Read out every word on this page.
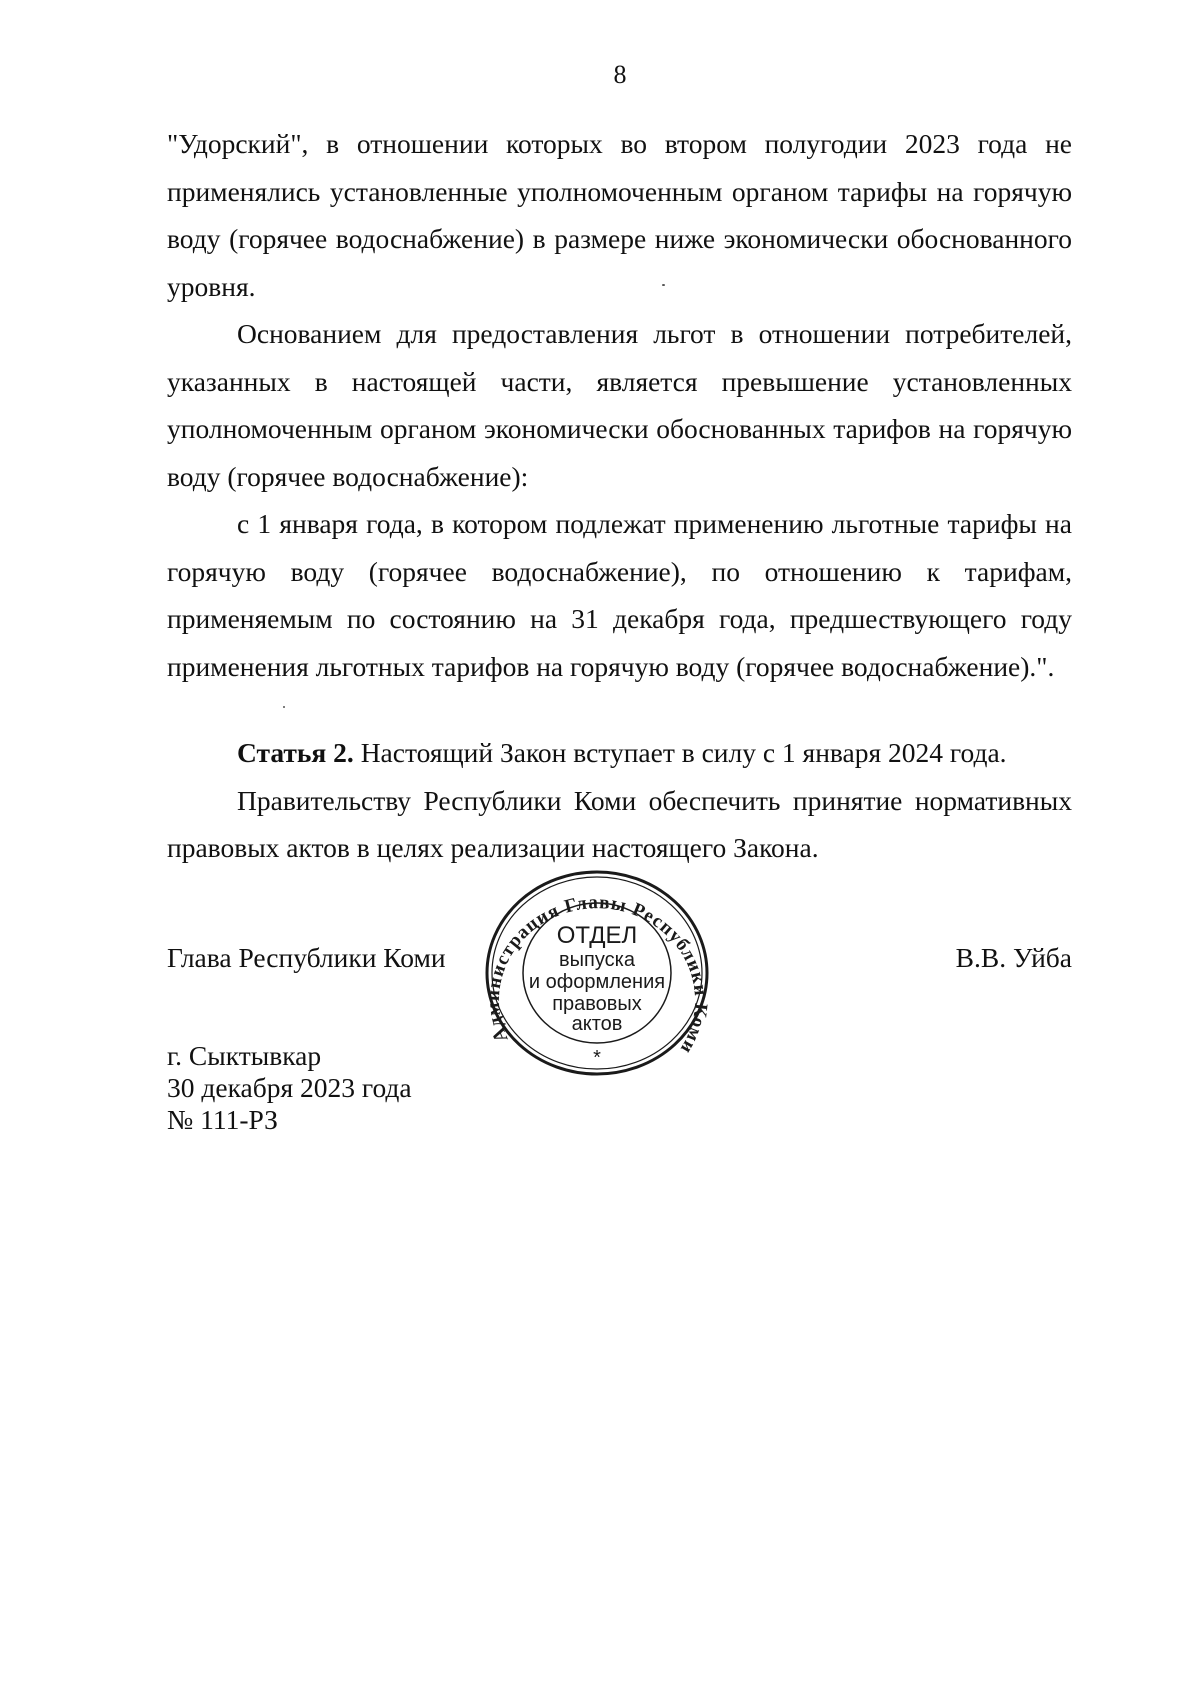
8

"Удорский", в отношении которых во втором полугодии 2023 года не применялись установленные уполномоченным органом тарифы на горячую воду (горячее водоснабжение) в размере ниже экономически обоснованного уровня.

Основанием для предоставления льгот в отношении потребителей, указанных в настоящей части, является превышение установленных уполномоченным органом экономически обоснованных тарифов на горячую воду (горячее водоснабжение):

с 1 января года, в котором подлежат применению льготные тарифы на горячую воду (горячее водоснабжение), по отношению к тарифам, применяемым по состоянию на 31 декабря года, предшествующего году применения льготных тарифов на горячую воду (горячее водоснабжение).".

Статья 2. Настоящий Закон вступает в силу с 1 января 2024 года.

Правительству Республики Коми обеспечить принятие нормативных правовых актов в целях реализации настоящего Закона.

Глава Республики Коми	В.В. Уйба
Администрация Главы Республики Коми
ОТДЕЛ
выпуска
и оформления
правовых
актов
*
г. Сыктывкар
30 декабря 2023 года
№ 111-РЗ
